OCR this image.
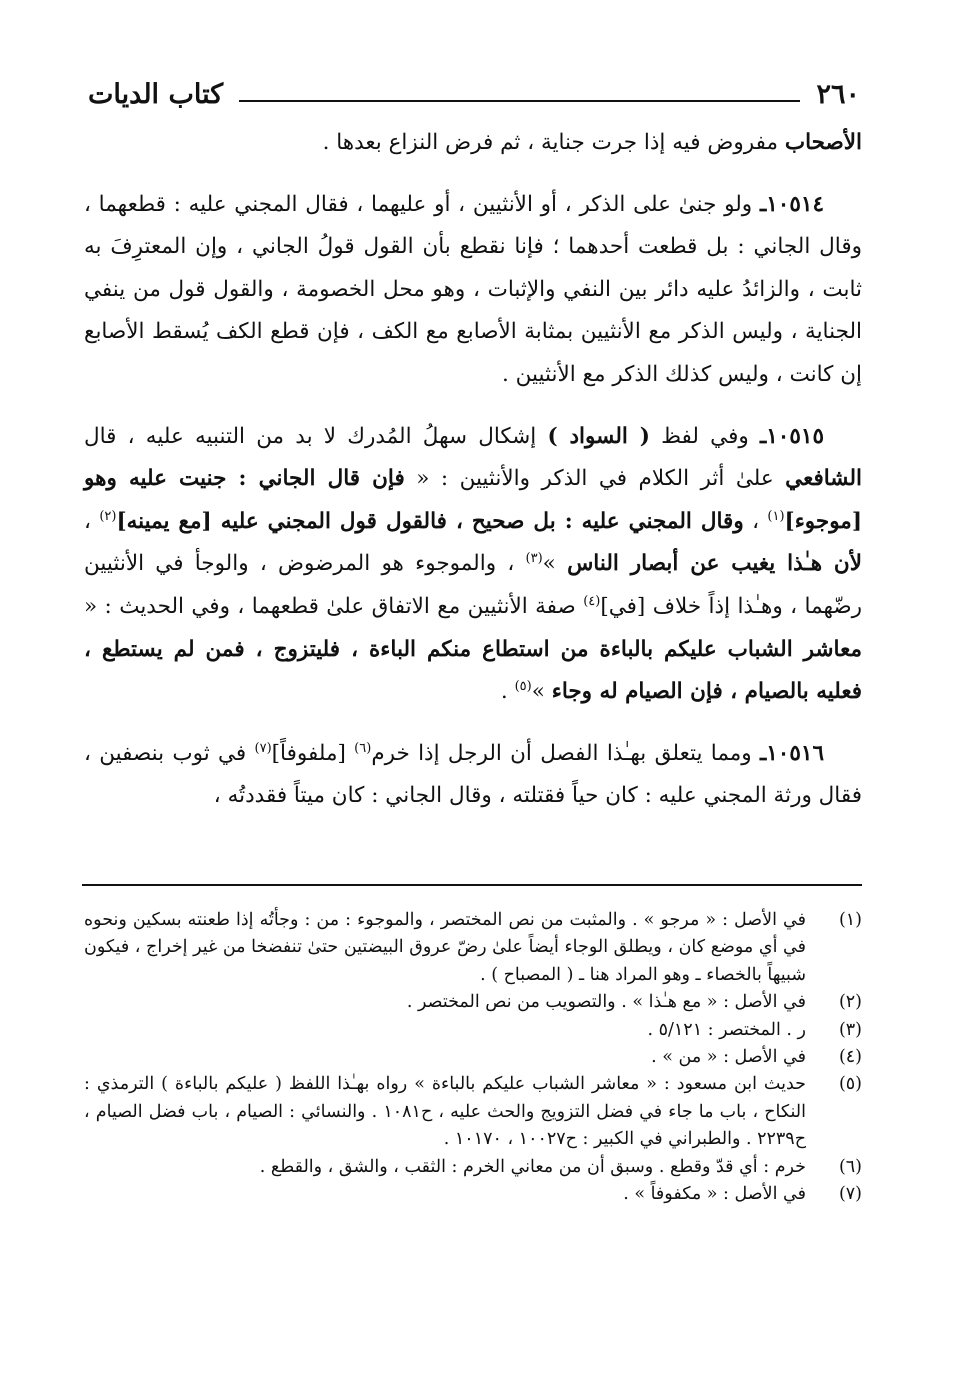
٢٦٠
كتاب الديات

الأصحاب مفروض فيه إذا جرت جناية ، ثم فرض النزاع بعدها .

١٠٥١٤ـ ولو جنىٰ على الذكر ، أو الأنثيين ، أو عليهما ، فقال المجني عليه : قطعهما ، وقال الجاني : بل قطعت أحدهما ؛ فإنا نقطع بأن القول قولُ الجاني ، وإن المعترِفَ به ثابت ، والزائدُ عليه دائر بين النفي والإثبات ، وهو محل الخصومة ، والقول قول من ينفي الجناية ، وليس الذكر مع الأنثيين بمثابة الأصابع مع الكف ، فإن قطع الكف يُسقط الأصابع إن كانت ، وليس كذلك الذكر مع الأنثيين .

١٠٥١٥ـ وفي لفظ ( السواد ) إشكال سهلُ المُدرك لا بد من التنبيه عليه ، قال الشافعي علىٰ أثر الكلام في الذكر والأنثيين : « فإن قال الجاني : جنيت عليه وهو [موجوء]$^{(١)}$ ، وقال المجني عليه : بل صحيح ، فالقول قول المجني عليه [مع يمينه]$^{(٢)}$ ، لأن هـٰذا يغيب عن أبصار الناس »$^{(٣)}$ ، والموجوء هو المرضوض ، والوجأ في الأنثيين رضّهما ، وهـٰذا إذاً خلاف [في]$^{(٤)}$ صفة الأنثيين مع الاتفاق علىٰ قطعهما ، وفي الحديث : « معاشر الشباب عليكم بالباءة من استطاع منكم الباءة ، فليتزوج ، فمن لم يستطع ، فعليه بالصيام ، فإن الصيام له وجاء »$^{(٥)}$ .

١٠٥١٦ـ ومما يتعلق بهـٰذا الفصل أن الرجل إذا خرم$^{(٦)}$ [ملفوفاً]$^{(٧)}$ في ثوب بنصفين ، فقال ورثة المجني عليه : كان حياً فقتلته ، وقال الجاني : كان ميتاً فقددتُه ،

(١)
في الأصل : « مرجو » . والمثبت من نص المختصر ، والموجوء : من : وجأتُه إذا طعنته بسكين ونحوه في أي موضع كان ، ويطلق الوجاء أيضاً علىٰ رضّ عروق البيضتين حتىٰ تنفضخا من غير إخراج ، فيكون شبيهاً بالخصاء ـ وهو المراد هنا ـ ( المصباح ) .
(٢)
في الأصل : « مع هـٰذا » . والتصويب من نص المختصر .
(٣)
ر . المختصر : ٥/١٢١ .
(٤)
في الأصل : « من » .
(٥)
حديث ابن مسعود : « معاشر الشباب عليكم بالباءة » رواه بهـٰذا اللفظ ( عليكم بالباءة ) الترمذي : النكاح ، باب ما جاء في فضل التزويج والحث عليه ، ح١٠٨١ . والنسائي : الصيام ، باب فضل الصيام ، ح٢٢٣٩ . والطبراني في الكبير : ح١٠٠٢٧ ، ١٠١٧٠ .
(٦)
خرم : أي قدّ وقطع . وسبق أن من معاني الخرم : الثقب ، والشق ، والقطع .
(٧)
في الأصل : « مكفوفاً » .
